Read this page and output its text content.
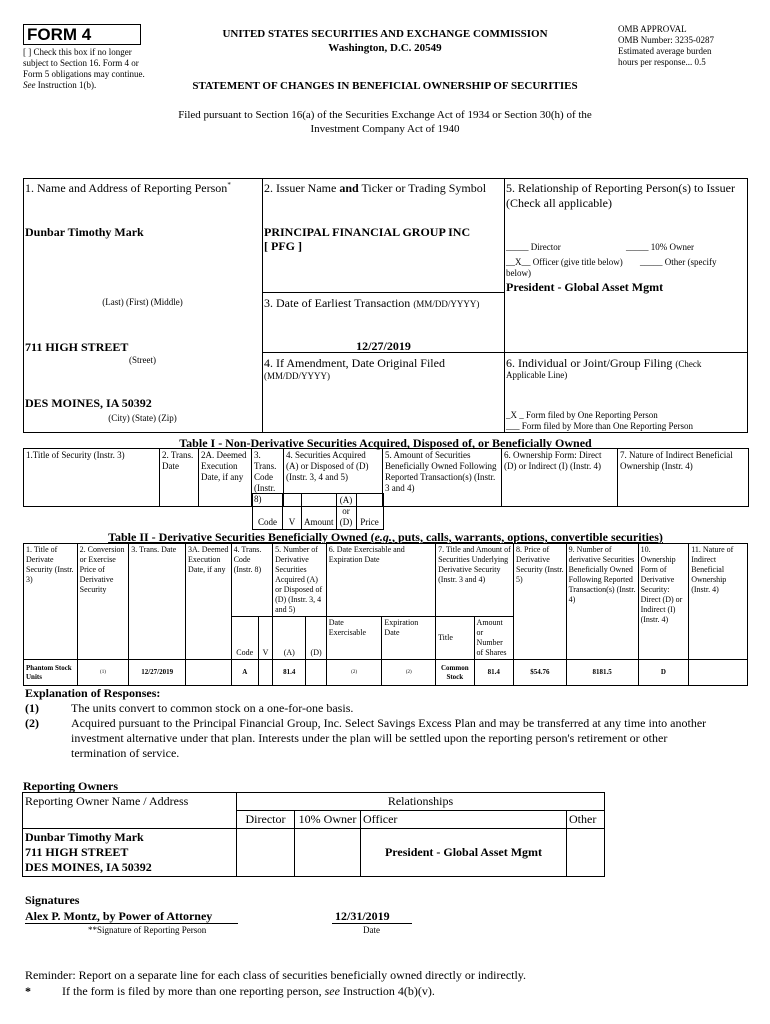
FORM 4
[ ] Check this box if no longer subject to Section 16. Form 4 or Form 5 obligations may continue. See Instruction 1(b).
UNITED STATES SECURITIES AND EXCHANGE COMMISSION
Washington, D.C. 20549
OMB APPROVAL
OMB Number: 3235-0287
Estimated average burden
hours per response... 0.5
STATEMENT OF CHANGES IN BENEFICIAL OWNERSHIP OF SECURITIES
Filed pursuant to Section 16(a) of the Securities Exchange Act of 1934 or Section 30(h) of the
Investment Company Act of 1940
1. Name and Address of Reporting Person*
Dunbar Timothy Mark
(Last) (First) (Middle)
711 HIGH STREET
(Street)
DES MOINES, IA 50392
(City) (State) (Zip)
2. Issuer Name and Ticker or Trading Symbol
PRINCIPAL FINANCIAL GROUP INC
[ PFG ]
3. Date of Earliest Transaction (MM/DD/YYYY)
12/27/2019
4. If Amendment, Date Original Filed
(MM/DD/YYYY)
5. Relationship of Reporting Person(s) to Issuer
(Check all applicable)
_____ Director	_____ 10% Owner
__X__ Officer (give title below) _____ Other (specify
below)
President - Global Asset Mgmt
6. Individual or Joint/Group Filing (Check
Applicable Line)
_X _ Form filed by One Reporting Person
___ Form filed by More than One Reporting Person
Table I - Non-Derivative Securities Acquired, Disposed of, or Beneficially Owned
1.Title of Security (Instr. 3)	2. Trans. Date	2A. Deemed Execution Date, if any	3. Trans. Code (Instr. 8)	4. Securities Acquired (A) or Disposed of (D) (Instr. 3, 4 and 5)	5. Amount of Securities Beneficially Owned Following Reported Transaction(s) (Instr. 3 and 4)	6. Ownership Form: Direct (D) or Indirect (I) (Instr. 4)	7. Nature of Indirect Beneficial Ownership (Instr. 4)
Code	V	Amount	(A) or (D)	Price
Table II - Derivative Securities Beneficially Owned (e.g., puts, calls, warrants, options, convertible securities)
1. Title of Derivate Security (Instr. 3)	2. Conversion or Exercise Price of Derivative Security	3. Trans. Date	3A. Deemed Execution Date, if any	4. Trans. Code (Instr. 8)		5. Number of Derivative Securities Acquired (A) or Disposed of (D) (Instr. 3, 4 and 5)		6. Date Exercisable and Expiration Date		7. Title and Amount of Securities Underlying Derivative Security (Instr. 3 and 4)		8. Price of Derivative Security (Instr. 5)	9. Number of derivative Securities Beneficially Owned Following Reported Transaction(s) (Instr. 4)	10. Ownership Form of Derivative Security: Direct (D) or Indirect (I) (Instr. 4)	11. Nature of Indirect Beneficial Ownership (Instr. 4)
				Code	V	(A)	(D)	Date Exercisable	Expiration Date	Title	Amount or Number of Shares				
Phantom Stock Units	(1)	12/27/2019		A		81.4		(2)	(2)	Common Stock	81.4	$54.76	8181.5	D	
Explanation of Responses:
(1)	The units convert to common stock on a one-for-one basis.
(2)	Acquired pursuant to the Principal Financial Group, Inc. Select Savings Excess Plan and may be transferred at any time into another
investment alternative under that plan. Interests under the plan will be settled upon the reporting person's retirement or other
termination of service.
Reporting Owners
Reporting Owner Name / Address	Relationships			
	Director	10% Owner	Officer	Other

Dunbar Timothy Mark
711 HIGH STREET
DES MOINES, IA 50392			President - Global Asset Mgmt	
Signatures
Alex P. Montz, by Power of Attorney	12/31/2019
**Signature of Reporting Person	Date
Reminder: Report on a separate line for each class of securities beneficially owned directly or indirectly.
*	If the form is filed by more than one reporting person, see Instruction 4(b)(v).
